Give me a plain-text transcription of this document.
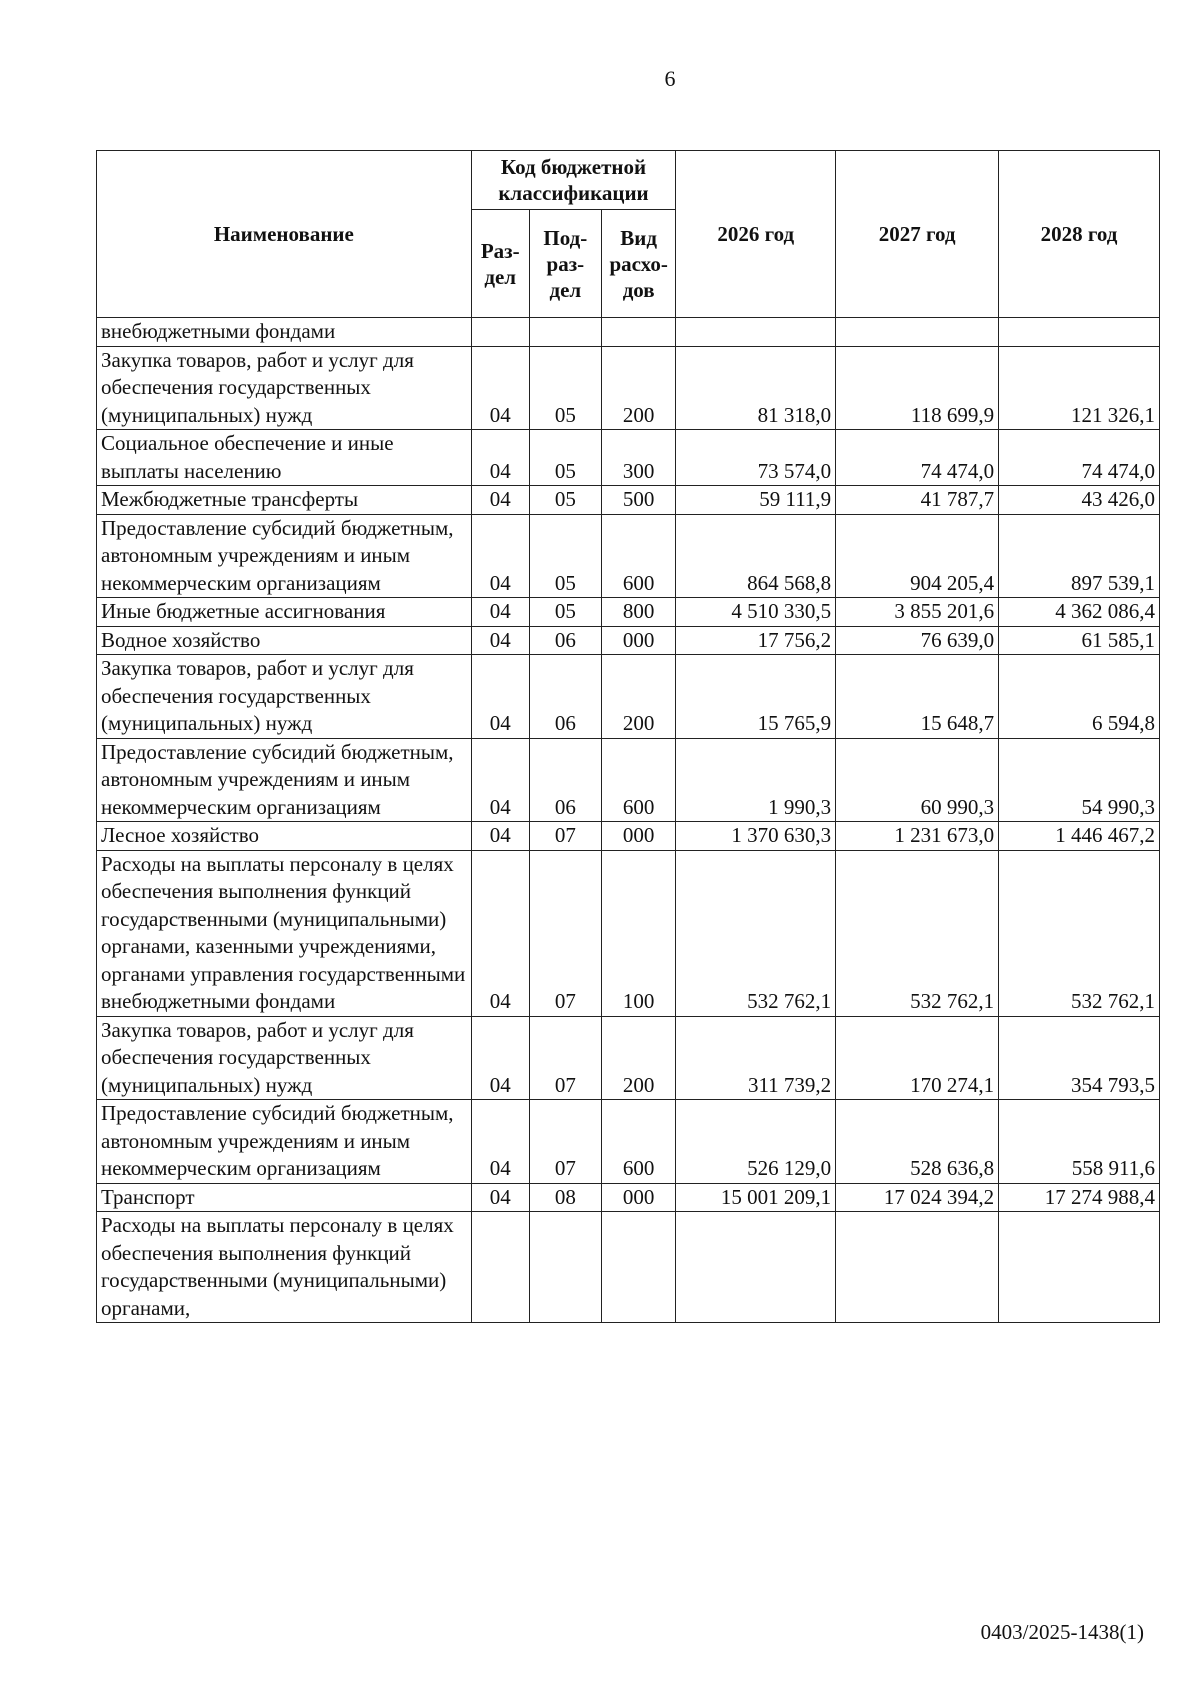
6
Наименование	Код бюджетной классификации			2026 год	2027 год	2028 год
	Раз-дел	Под-раз-дел	Вид расхо-дов			
внебюджетными фондами						
Закупка товаров, работ и услуг для обеспечения государственных (муниципальных) нужд	04	05	200	81 318,0	118 699,9	121 326,1
Социальное обеспечение и иные выплаты населению	04	05	300	73 574,0	74 474,0	74 474,0
Межбюджетные трансферты	04	05	500	59 111,9	41 787,7	43 426,0
Предоставление субсидий бюджетным, автономным учреждениям и иным некоммерческим организациям	04	05	600	864 568,8	904 205,4	897 539,1
Иные бюджетные ассигнования	04	05	800	4 510 330,5	3 855 201,6	4 362 086,4
Водное хозяйство	04	06	000	17 756,2	76 639,0	61 585,1
Закупка товаров, работ и услуг для обеспечения государственных (муниципальных) нужд	04	06	200	15 765,9	15 648,7	6 594,8
Предоставление субсидий бюджетным, автономным учреждениям и иным некоммерческим организациям	04	06	600	1 990,3	60 990,3	54 990,3
Лесное хозяйство	04	07	000	1 370 630,3	1 231 673,0	1 446 467,2
Расходы на выплаты персоналу в целях обеспечения выполнения функций государственными (муниципальными) органами, казенными учреждениями, органами управления государственными внебюджетными фондами	04	07	100	532 762,1	532 762,1	532 762,1
Закупка товаров, работ и услуг для обеспечения государственных (муниципальных) нужд	04	07	200	311 739,2	170 274,1	354 793,5
Предоставление субсидий бюджетным, автономным учреждениям и иным некоммерческим организациям	04	07	600	526 129,0	528 636,8	558 911,6
Транспорт	04	08	000	15 001 209,1	17 024 394,2	17 274 988,4
Расходы на выплаты персоналу в целях обеспечения выполнения функций государственными (муниципальными) органами,						
0403/2025-1438(1)
